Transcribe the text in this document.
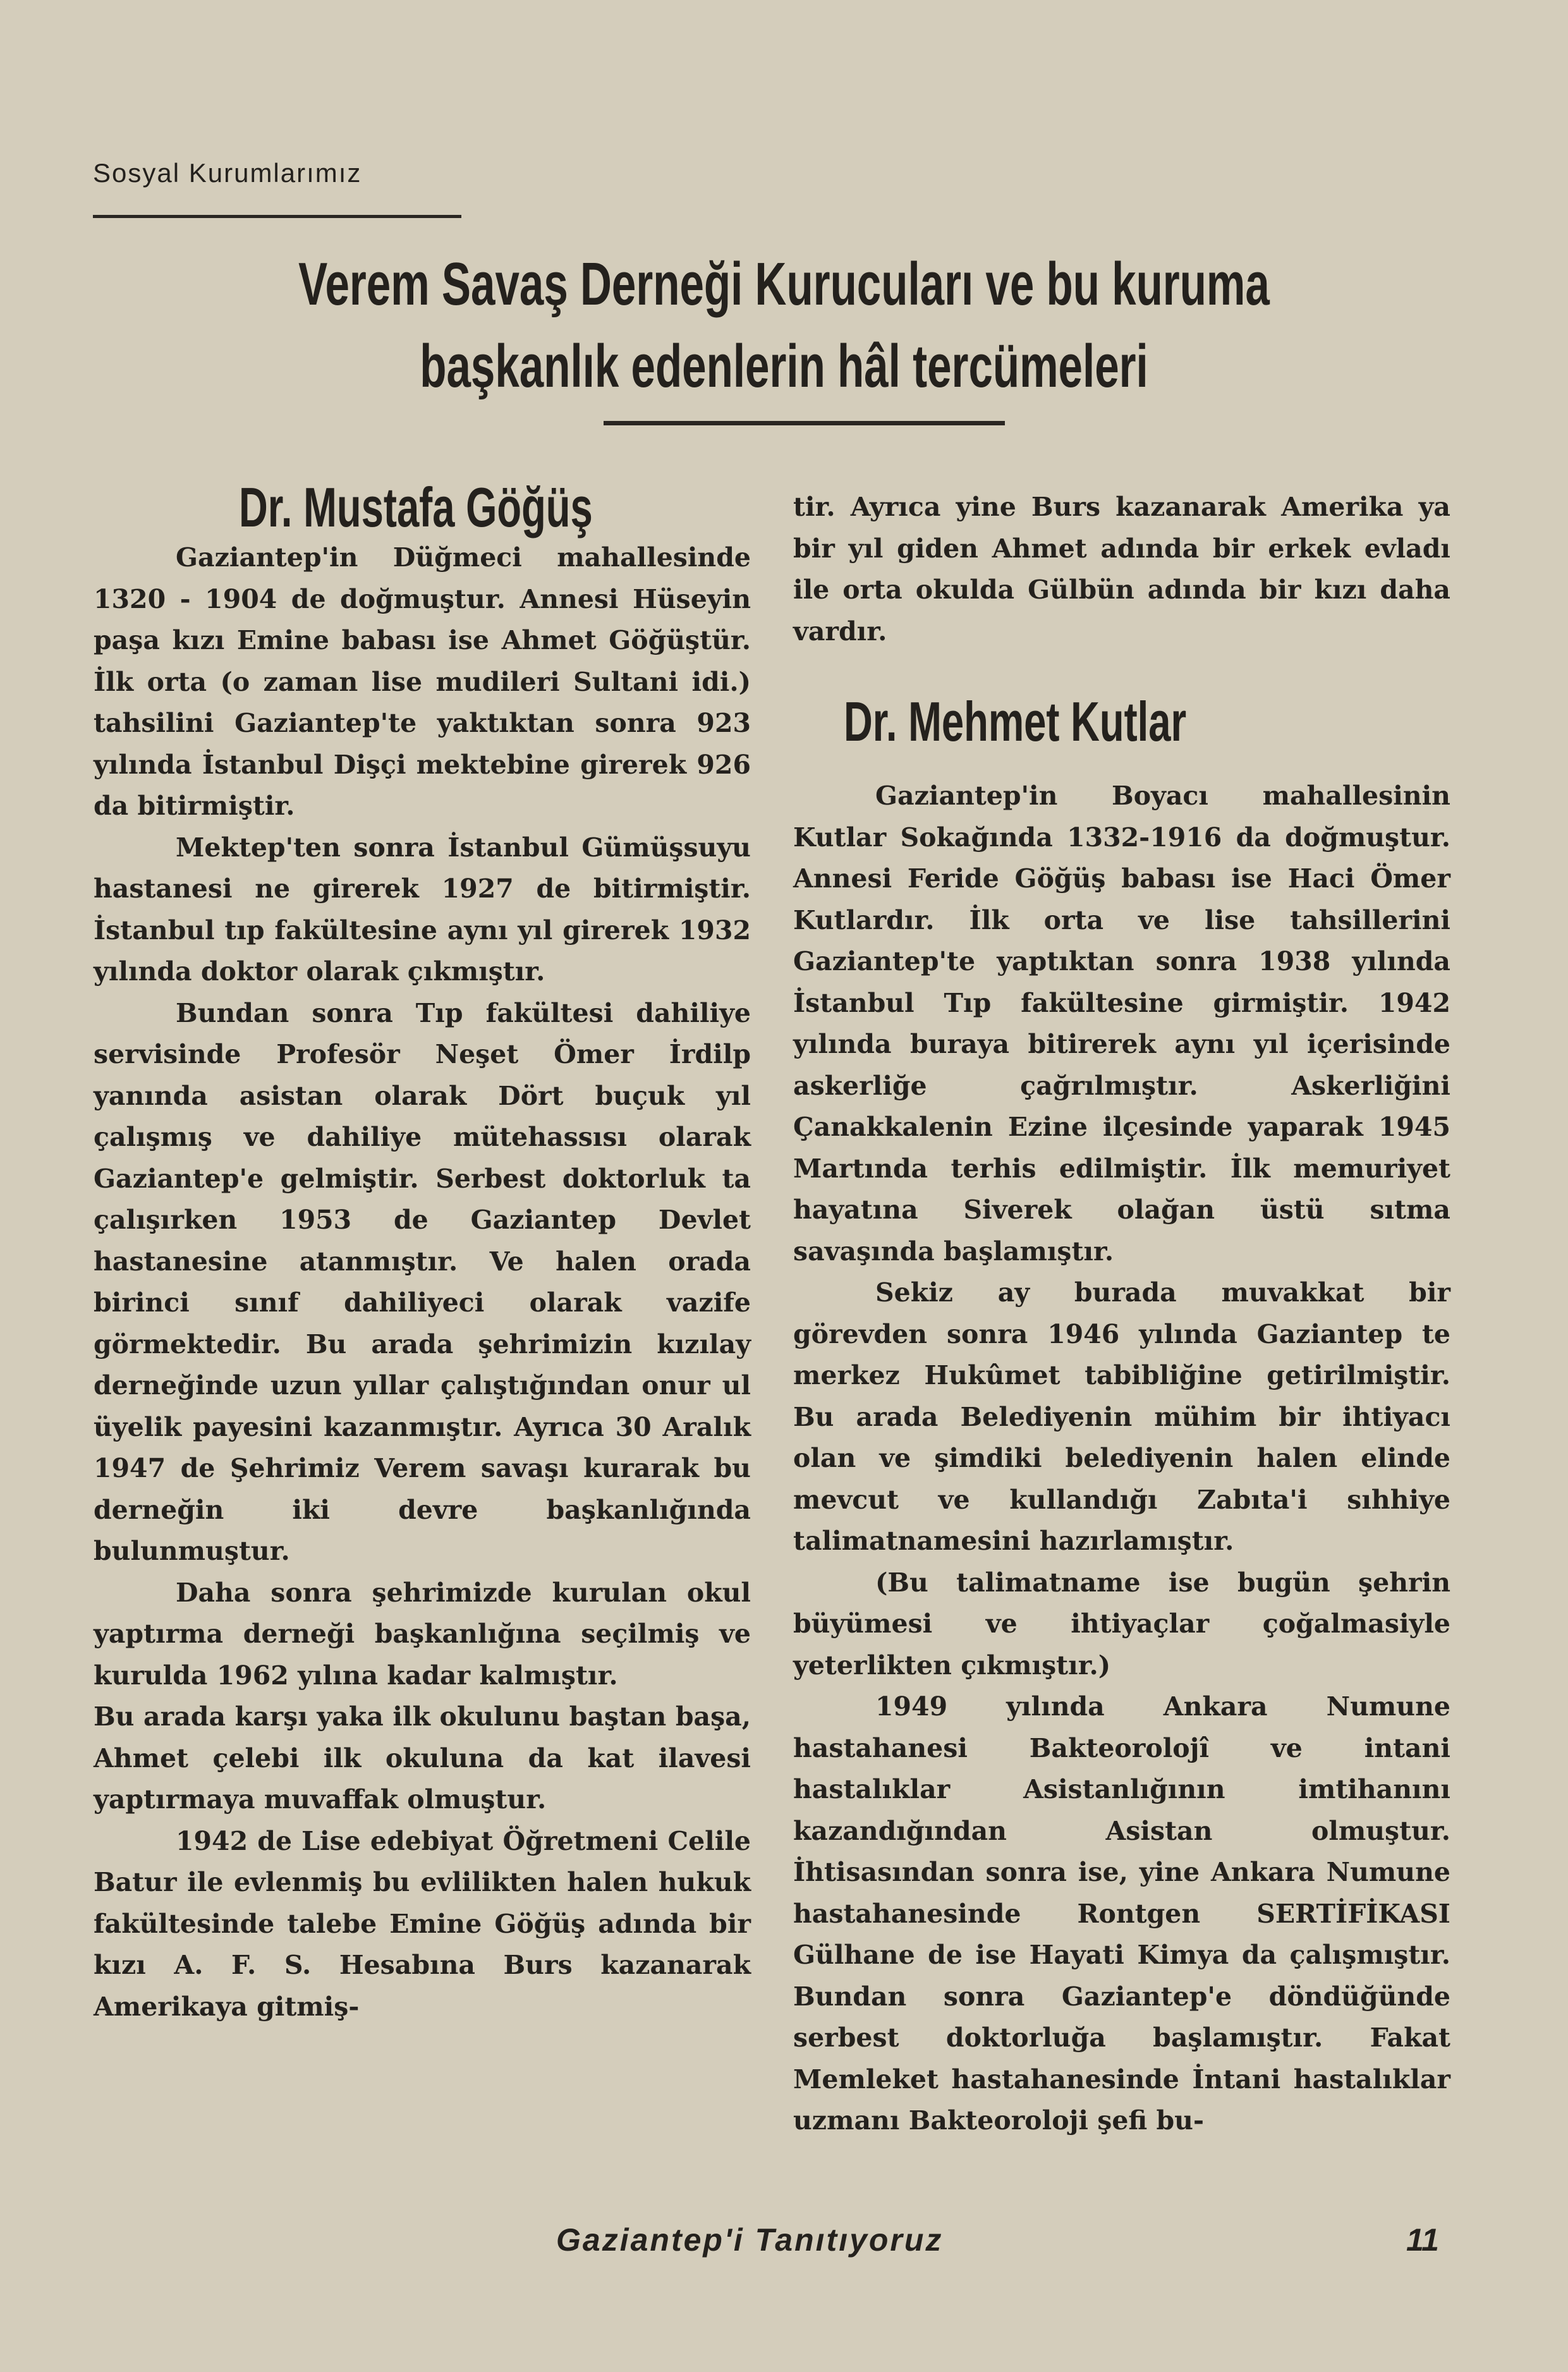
Sosyal Kurumlarımız
Verem Savaş Derneği Kurucuları ve bu kuruma
başkanlık edenlerin hâl tercümeleri
Dr. Mustafa Göğüş

Gaziantep'in Düğmeci mahallesinde 1320 - 1904 de doğmuştur. Annesi Hüseyin paşa kızı Emine babası ise Ahmet Göğüştür. İlk orta (o zaman lise mudileri Sultani idi.) tahsilini Gaziantep'te yaktıktan sonra 923 yılında İstanbul Dişçi mektebine girerek 926 da bitirmiştir.

Mektep'ten sonra İstanbul Gümüşsuyu hastanesi ne girerek 1927 de bitirmiştir. İstanbul tıp fakültesine aynı yıl girerek 1932 yılında doktor olarak çıkmıştır.

Bundan sonra Tıp fakültesi dahiliye servisinde Profesör Neşet Ömer İrdilp yanında asistan olarak Dört buçuk yıl çalışmış ve dahiliye mütehassısı olarak Gaziantep'e gelmiştir. Serbest doktorluk ta çalışırken 1953 de Gaziantep Devlet hastanesine atanmıştır. Ve halen orada birinci sınıf dahiliyeci olarak vazife görmektedir. Bu arada şehrimizin kızılay derneğinde uzun yıllar çalıştığından onur ul üyelik payesini kazanmıştır. Ayrıca 30 Aralık 1947 de Şehrimiz Verem savaşı kurarak bu derneğin iki devre başkanlığında bulunmuştur.

Daha sonra şehrimizde kurulan okul yaptırma derneği başkanlığına seçilmiş ve kurulda 1962 yılına kadar kalmıştır.

Bu arada karşı yaka ilk okulunu baştan başa, Ahmet çelebi ilk okuluna da kat ilavesi yaptırmaya muvaffak olmuştur.

1942 de Lise edebiyat Öğretmeni Celile Batur ile evlenmiş bu evlilikten halen hukuk fakültesinde talebe Emine Göğüş adında bir kızı A. F. S. Hesabına Burs kazanarak Amerikaya gitmiş-

tir. Ayrıca yine Burs kazanarak Amerika ya bir yıl giden Ahmet adında bir erkek evladı ile orta okulda Gülbün adında bir kızı daha vardır.

Dr. Mehmet Kutlar

Gaziantep'in Boyacı mahallesinin Kutlar Sokağında 1332-1916 da doğmuştur. Annesi Feride Göğüş babası ise Haci Ömer Kutlardır. İlk orta ve lise tahsillerini Gaziantep'te yaptıktan sonra 1938 yılında İstanbul Tıp fakültesine girmiştir. 1942 yılında buraya bitirerek aynı yıl içerisinde askerliğe çağrılmıştır. Askerliğini Çanakkalenin Ezine ilçesinde yaparak 1945 Martında terhis edilmiştir. İlk memuriyet hayatına Siverek olağan üstü sıtma savaşında başlamıştır.

Sekiz ay burada muvakkat bir görevden sonra 1946 yılında Gaziantep te merkez Hukûmet tabibliğine getirilmiştir. Bu arada Belediyenin mühim bir ihtiyacı olan ve şimdiki belediyenin halen elinde mevcut ve kullandığı Zabıta'i sıhhiye talimatnamesini hazırlamıştır.

(Bu talimatname ise bugün şehrin büyümesi ve ihtiyaçlar çoğalmasiyle yeterlikten çıkmıştır.)

1949 yılında Ankara Numune hastahanesi Bakteorolojî ve intani hastalıklar Asistanlığının imtihanını kazandığından Asistan olmuştur. İhtisasından sonra ise, yine Ankara Numune hastahanesinde Rontgen SERTİFİKASI Gülhane de ise Hayati Kimya da çalışmıştır. Bundan sonra Gaziantep'e döndüğünde serbest doktorluğa başlamıştır. Fakat Memleket hastahanesinde İntani hastalıklar uzmanı Bakteoroloji şefi bu-

Gaziantep'i Tanıtıyoruz	11
